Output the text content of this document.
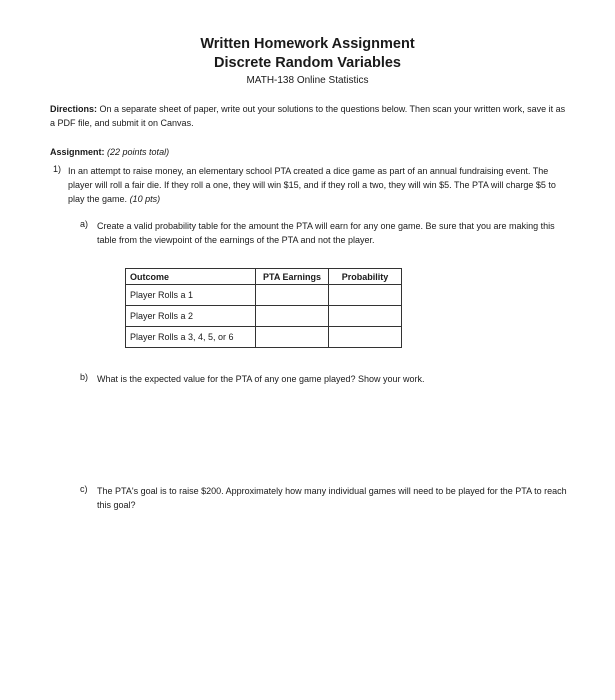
Written Homework Assignment
Discrete Random Variables
MATH-138 Online Statistics
Directions: On a separate sheet of paper, write out your solutions to the questions below. Then scan your written work, save it as a PDF file, and submit it on Canvas.
Assignment: (22 points total)
1) In an attempt to raise money, an elementary school PTA created a dice game as part of an annual fundraising event. The player will roll a fair die. If they roll a one, they will win $15, and if they roll a two, they will win $5. The PTA will charge $5 to play the game. (10 pts)
a) Create a valid probability table for the amount the PTA will earn for any one game. Be sure that you are making this table from the viewpoint of the earnings of the PTA and not the player.
Outcome	PTA Earnings	Probability
Player Rolls a 1		
Player Rolls a 2		
Player Rolls a 3, 4, 5, or 6		
b) What is the expected value for the PTA of any one game played? Show your work.
c) The PTA's goal is to raise $200. Approximately how many individual games will need to be played for the PTA to reach this goal?
